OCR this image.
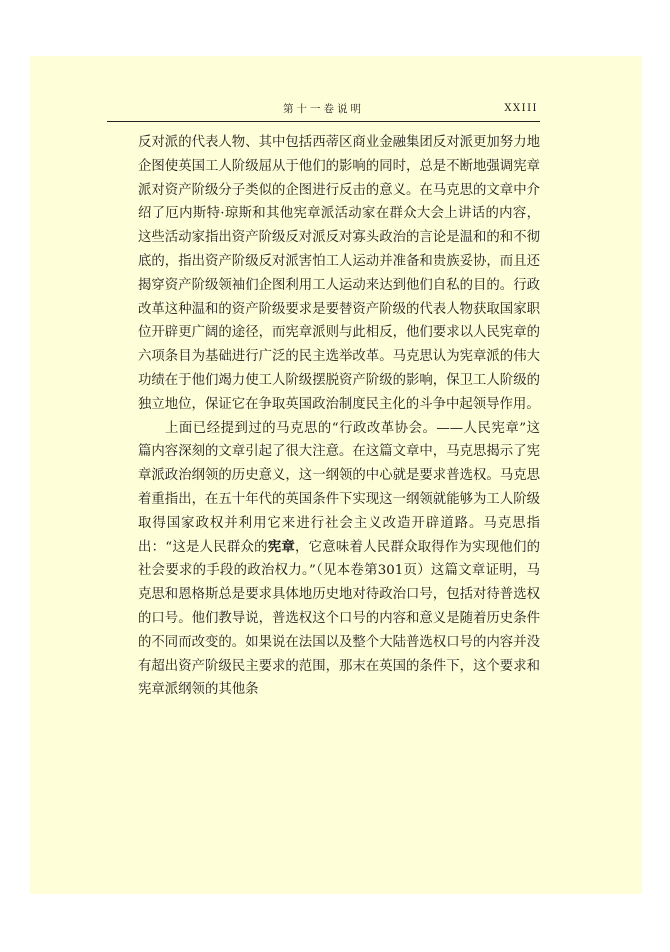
第十一卷说明	XXIII

反对派的代表人物、其中包括西蒂区商业金融集团反对派更加努力地企图使英国工人阶级屈从于他们的影响的同时，总是不断地强调宪章派对资产阶级分子类似的企图进行反击的意义。在马克思的文章中介绍了厄内斯特·琼斯和其他宪章派活动家在群众大会上讲话的内容，这些活动家指出资产阶级反对派反对寡头政治的言论是温和的和不彻底的，指出资产阶级反对派害怕工人运动并准备和贵族妥协，而且还揭穿资产阶级领袖们企图利用工人运动来达到他们自私的目的。行政改革这种温和的资产阶级要求是要替资产阶级的代表人物获取国家职位开辟更广阔的途径，而宪章派则与此相反，他们要求以人民宪章的六项条目为基础进行广泛的民主选举改革。马克思认为宪章派的伟大功绩在于他们竭力使工人阶级摆脱资产阶级的影响，保卫工人阶级的独立地位，保证它在争取英国政治制度民主化的斗争中起领导作用。

上面已经提到过的马克思的“行政改革协会。——人民宪章”这篇内容深刻的文章引起了很大注意。在这篇文章中，马克思揭示了宪章派政治纲领的历史意义，这一纲领的中心就是要求普选权。马克思着重指出，在五十年代的英国条件下实现这一纲领就能够为工人阶级取得国家政权并利用它来进行社会主义改造开辟道路。马克思指出：“这是人民群众的宪章，它意味着人民群众取得作为实现他们的社会要求的手段的政治权力。”（见本卷第301页）这篇文章证明，马克思和恩格斯总是要求具体地历史地对待政治口号，包括对待普选权的口号。他们教导说，普选权这个口号的内容和意义是随着历史条件的不同而改变的。如果说在法国以及整个大陆普选权口号的内容并没有超出资产阶级民主要求的范围，那末在英国的条件下，这个要求和宪章派纲领的其他条
